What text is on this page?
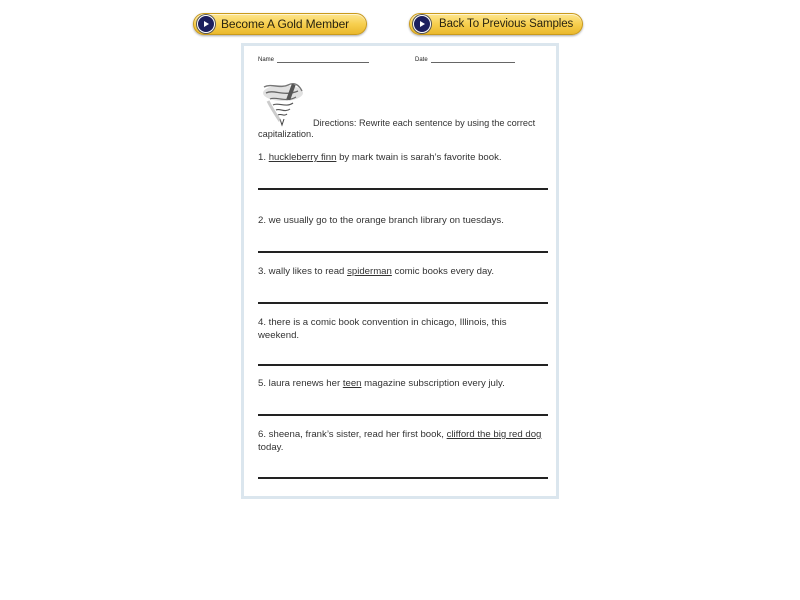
Become A Gold Member	Back To Previous Samples
Name	Date
Directions: Rewrite each sentence by using the correct capitalization.
1. huckleberry finn by mark twain is sarah’s favorite book.
2. we usually go to the orange branch library on tuesdays.
3. wally likes to read spiderman comic books every day.
4. there is a comic book convention in chicago, Illinois, this weekend.
5. laura renews her teen magazine subscription every july.
6. sheena, frank’s sister, read her first book, clifford the big red dog today.
